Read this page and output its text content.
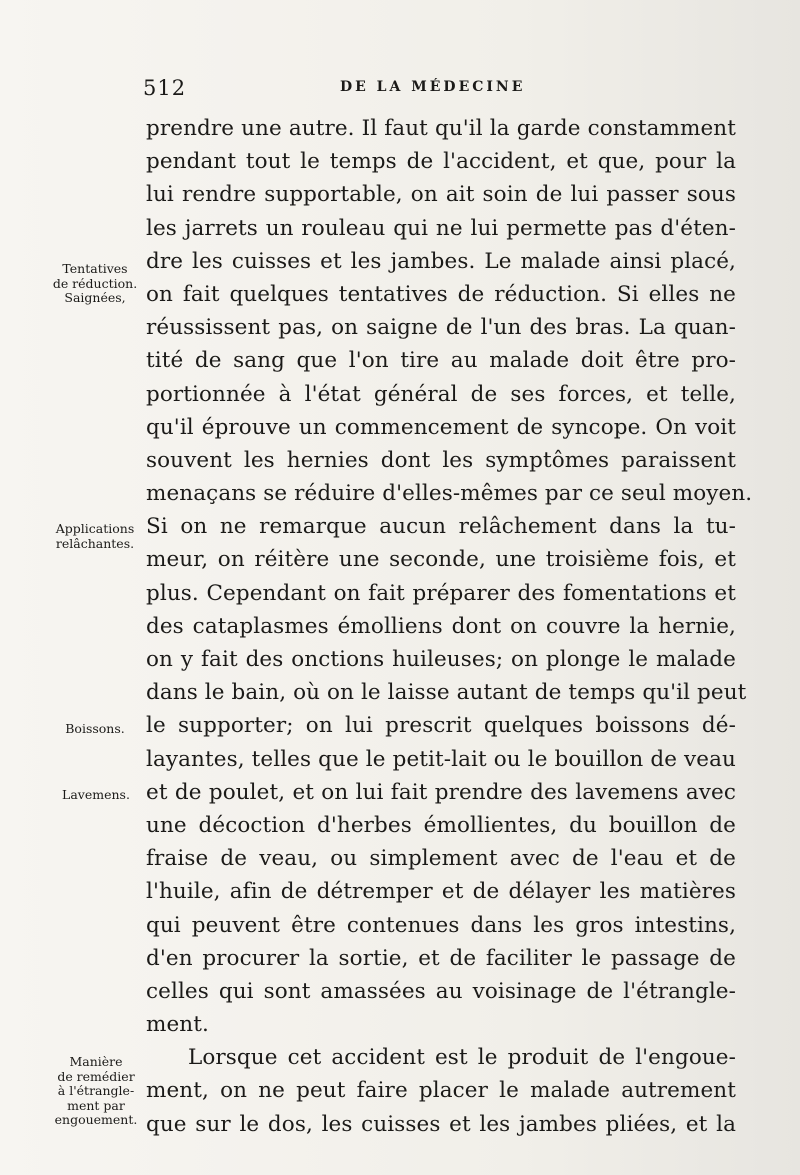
512	DE LA MÉDECINE
Tentatives
de réduction.
Saignées,
Applications
relâchantes.
Boissons.
Lavemens.
Manière
de remédier
à l'étrangle-
ment par
engouement.
prendre une autre. Il faut qu'il la garde constamment
pendant tout le temps de l'accident, et que, pour la
lui rendre supportable, on ait soin de lui passer sous
les jarrets un rouleau qui ne lui permette pas d'éten-
dre les cuisses et les jambes. Le malade ainsi placé,
on fait quelques tentatives de réduction. Si elles ne
réussissent pas, on saigne de l'un des bras. La quan-
tité de sang que l'on tire au malade doit être pro-
portionnée à l'état général de ses forces, et telle,
qu'il éprouve un commencement de syncope. On voit
souvent les hernies dont les symptômes paraissent
menaçans se réduire d'elles-mêmes par ce seul moyen.
Si on ne remarque aucun relâchement dans la tu-
meur, on réitère une seconde, une troisième fois, et
plus. Cependant on fait préparer des fomentations et
des cataplasmes émolliens dont on couvre la hernie,
on y fait des onctions huileuses; on plonge le malade
dans le bain, où on le laisse autant de temps qu'il peut
le supporter; on lui prescrit quelques boissons dé-
layantes, telles que le petit-lait ou le bouillon de veau
et de poulet, et on lui fait prendre des lavemens avec
une décoction d'herbes émollientes, du bouillon de
fraise de veau, ou simplement avec de l'eau et de
l'huile, afin de détremper et de délayer les matières
qui peuvent être contenues dans les gros intestins,
d'en procurer la sortie, et de faciliter le passage de
celles qui sont amassées au voisinage de l'étrangle-
ment.
Lorsque cet accident est le produit de l'engoue-
ment, on ne peut faire placer le malade autrement
que sur le dos, les cuisses et les jambes pliées, et la
